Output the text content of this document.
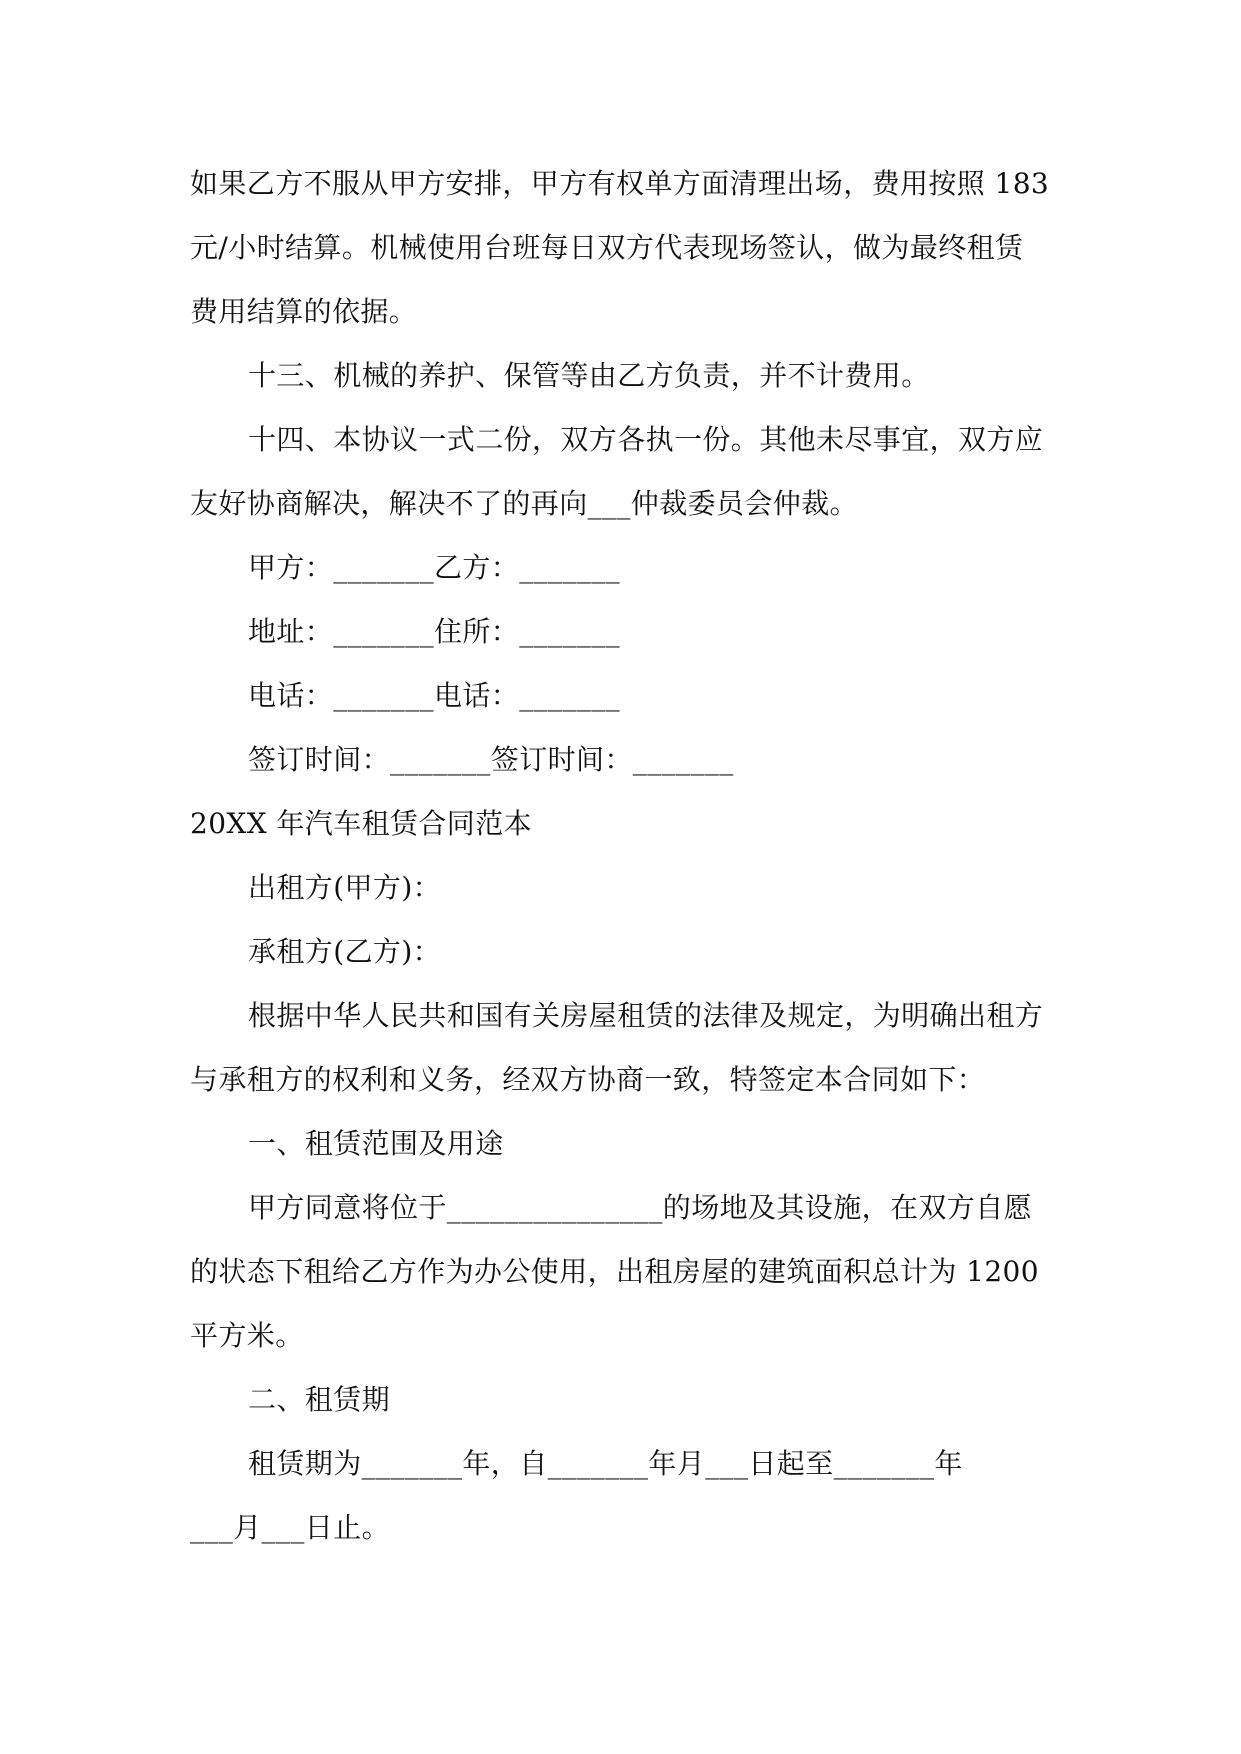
如果乙方不服从甲方安排，甲方有权单方面清理出场，费用按照 183
元/小时结算。机械使用台班每日双方代表现场签认，做为最终租赁
费用结算的依据。
十三、机械的养护、保管等由乙方负责，并不计费用。
十四、本协议一式二份，双方各执一份。其他未尽事宜，双方应
友好协商解决，解决不了的再向___仲裁委员会仲裁。
甲方：_______乙方：_______
地址：_______住所：_______
电话：_______电话：_______
签订时间：_______签订时间：_______
20XX 年汽车租赁合同范本
出租方(甲方)：
承租方(乙方)：
根据中华人民共和国有关房屋租赁的法律及规定，为明确出租方
与承租方的权利和义务，经双方协商一致，特签定本合同如下：
一、租赁范围及用途
甲方同意将位于_______________的场地及其设施，在双方自愿
的状态下租给乙方作为办公使用，出租房屋的建筑面积总计为 1200
平方米。
二、租赁期
租赁期为_______年，自_______年月___日起至_______年
___月___日止。
